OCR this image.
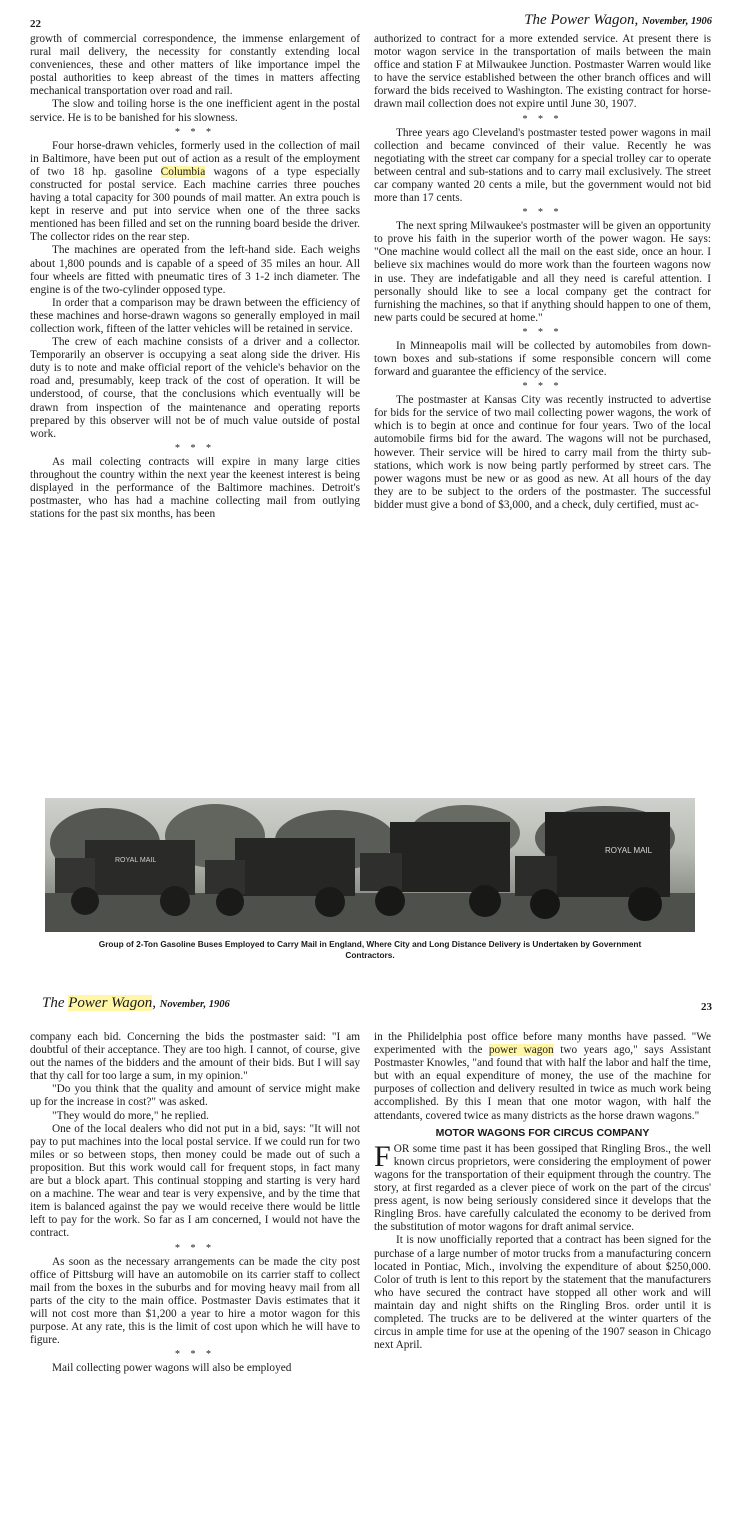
22	The Power Wagon, November, 1906

growth of commercial correspondence, the immense enlargement of rural mail delivery, the necessity for constantly extending local conveniences, these and other matters of like importance impel the postal authorities to keep abreast of the times in matters affecting mechanical transportation over road and rail.

The slow and toiling horse is the one inefficient agent in the postal service. He is to be banished for his slowness.

* * *

Four horse-drawn vehicles, formerly used in the collection of mail in Baltimore, have been put out of action as a result of the employment of two 18 hp. gasoline Columbia wagons of a type especially constructed for postal service. Each machine carries three pouches having a total capacity for 300 pounds of mail matter. An extra pouch is kept in reserve and put into service when one of the three sacks mentioned has been filled and set on the running board beside the driver. The collector rides on the rear step.

The machines are operated from the left-hand side. Each weighs about 1,800 pounds and is capable of a speed of 35 miles an hour. All four wheels are fitted with pneumatic tires of 3 1-2 inch diameter. The engine is of the two-cylinder opposed type.

In order that a comparison may be drawn between the efficiency of these machines and horse-drawn wagons so generally employed in mail collection work, fifteen of the latter vehicles will be retained in service.

The crew of each machine consists of a driver and a collector. Temporarily an observer is occupying a seat along side the driver. His duty is to note and make official report of the vehicle's behavior on the road and, presumably, keep track of the cost of operation. It will be understood, of course, that the conclusions which eventually will be drawn from inspection of the maintenance and operating reports prepared by this observer will not be of much value outside of postal work.

* * *

As mail colecting contracts will expire in many large cities throughout the country within the next year the keenest interest is being displayed in the performance of the Baltimore machines. Detroit's postmaster, who has had a machine collecting mail from outlying stations for the past six months, has been

authorized to contract for a more extended service. At present there is motor wagon service in the transportation of mails between the main office and station F at Milwaukee Junction. Postmaster Warren would like to have the service established between the other branch offices and will forward the bids received to Washington. The existing contract for horse-drawn mail collection does not expire until June 30, 1907.

* * *

Three years ago Cleveland's postmaster tested power wagons in mail collection and became convinced of their value. Recently he was negotiating with the street car company for a special trolley car to operate between central and sub-stations and to carry mail exclusively. The street car company wanted 20 cents a mile, but the government would not bid more than 17 cents.

* * *

The next spring Milwaukee's postmaster will be given an opportunity to prove his faith in the superior worth of the power wagon. He says: "One machine would collect all the mail on the east side, once an hour. I believe six machines would do more work than the fourteen wagons now in use. They are indefatigable and all they need is careful attention. I personally should like to see a local company get the contract for furnishing the machines, so that if anything should happen to one of them, new parts could be secured at home."

* * *

In Minneapolis mail will be collected by automobiles from down-town boxes and sub-stations if some responsible concern will come forward and guarantee the efficiency of the service.

* * *

The postmaster at Kansas City was recently instructed to advertise for bids for the service of two mail collecting power wagons, the work of which is to begin at once and continue for four years. Two of the local automobile firms bid for the award. The wagons will not be purchased, however. Their service will be hired to carry mail from the thirty sub-stations, which work is now being partly performed by street cars. The power wagons must be new or as good as new. At all hours of the day they are to be subject to the orders of the postmaster. The successful bidder must give a bond of $3,000, and a check, duly certified, must ac-

ROYAL MAIL
ROYAL MAIL
Group of 2-Ton Gasoline Buses Employed to Carry Mail in England, Where City and Long Distance Delivery is Undertaken by Government Contractors.
The Power Wagon, November, 1906	23

company each bid. Concerning the bids the postmaster said: "I am doubtful of their acceptance. They are too high. I cannot, of course, give out the names of the bidders and the amount of their bids. But I will say that thy call for too large a sum, in my opinion."

"Do you think that the quality and amount of service might make up for the increase in cost?" was asked.

"They would do more," he replied.

One of the local dealers who did not put in a bid, says: "It will not pay to put machines into the local postal service. If we could run for two miles or so between stops, then money could be made out of such a proposition. But this work would call for frequent stops, in fact many are but a block apart. This continual stopping and starting is very hard on a machine. The wear and tear is very expensive, and by the time that item is balanced against the pay we would receive there would be little left to pay for the work. So far as I am concerned, I would not have the contract.

* * *

As soon as the necessary arrangements can be made the city post office of Pittsburg will have an automobile on its carrier staff to collect mail from the boxes in the suburbs and for moving heavy mail from all parts of the city to the main office. Postmaster Davis estimates that it will not cost more than $1,200 a year to hire a motor wagon for this purpose. At any rate, this is the limit of cost upon which he will have to figure.

* * *

Mail collecting power wagons will also be employed

in the Philidelphia post office before many months have passed. "We experimented with the power wagon two years ago," says Assistant Postmaster Knowles, "and found that with half the labor and half the time, but with an equal expenditure of money, the use of the machine for purposes of collection and delivery resulted in twice as much work being accomplished. By this I mean that one motor wagon, with half the attendants, covered twice as many districts as the horse drawn wagons."

MOTOR WAGONS FOR CIRCUS COMPANY

FOR some time past it has been gossiped that Ringling Bros., the well known circus proprietors, were considering the employment of power wagons for the transportation of their equipment through the country. The story, at first regarded as a clever piece of work on the part of the circus' press agent, is now being seriously considered since it develops that the Ringling Bros. have carefully calculated the economy to be derived from the substitution of motor wagons for draft animal service.

It is now unofficially reported that a contract has been signed for the purchase of a large number of motor trucks from a manufacturing concern located in Pontiac, Mich., involving the expenditure of about $250,000. Color of truth is lent to this report by the statement that the manufacturers who have secured the contract have stopped all other work and will maintain day and night shifts on the Ringling Bros. order until it is completed. The trucks are to be delivered at the winter quarters of the circus in ample time for use at the opening of the 1907 season in Chicago next April.
